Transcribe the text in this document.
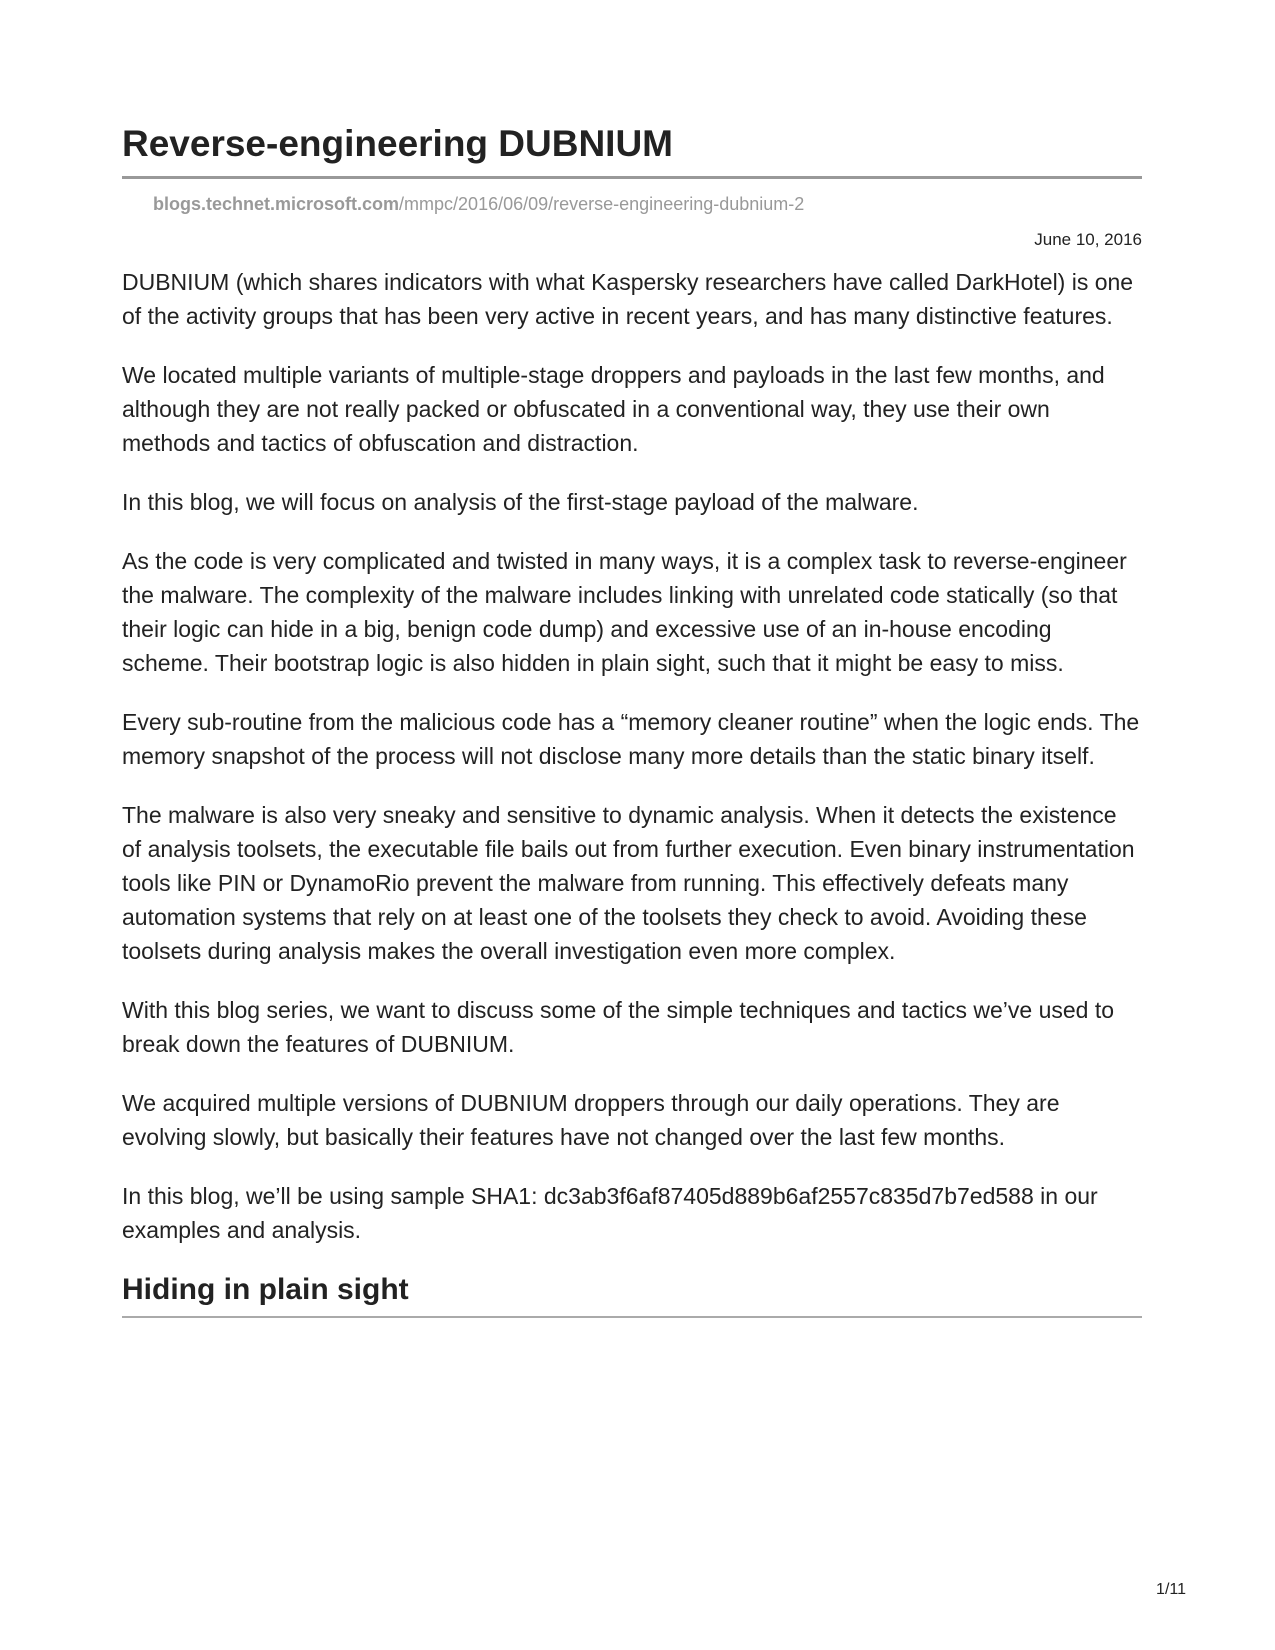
Reverse-engineering DUBNIUM
blogs.technet.microsoft.com/mmpc/2016/06/09/reverse-engineering-dubnium-2
June 10, 2016

DUBNIUM (which shares indicators with what Kaspersky researchers have called DarkHotel) is one of the activity groups that has been very active in recent years, and has many distinctive features.

We located multiple variants of multiple-stage droppers and payloads in the last few months, and although they are not really packed or obfuscated in a conventional way, they use their own methods and tactics of obfuscation and distraction.

In this blog, we will focus on analysis of the first-stage payload of the malware.

As the code is very complicated and twisted in many ways, it is a complex task to reverse-engineer the malware. The complexity of the malware includes linking with unrelated code statically (so that their logic can hide in a big, benign code dump) and excessive use of an in-house encoding scheme. Their bootstrap logic is also hidden in plain sight, such that it might be easy to miss.

Every sub-routine from the malicious code has a “memory cleaner routine” when the logic ends. The memory snapshot of the process will not disclose many more details than the static binary itself.

The malware is also very sneaky and sensitive to dynamic analysis. When it detects the existence of analysis toolsets, the executable file bails out from further execution. Even binary instrumentation tools like PIN or DynamoRio prevent the malware from running. This effectively defeats many automation systems that rely on at least one of the toolsets they check to avoid. Avoiding these toolsets during analysis makes the overall investigation even more complex.

With this blog series, we want to discuss some of the simple techniques and tactics we’ve used to break down the features of DUBNIUM.

We acquired multiple versions of DUBNIUM droppers through our daily operations. They are evolving slowly, but basically their features have not changed over the last few months.

In this blog, we’ll be using sample SHA1: dc3ab3f6af87405d889b6af2557c835d7b7ed588 in our examples and analysis.

Hiding in plain sight
1/11
